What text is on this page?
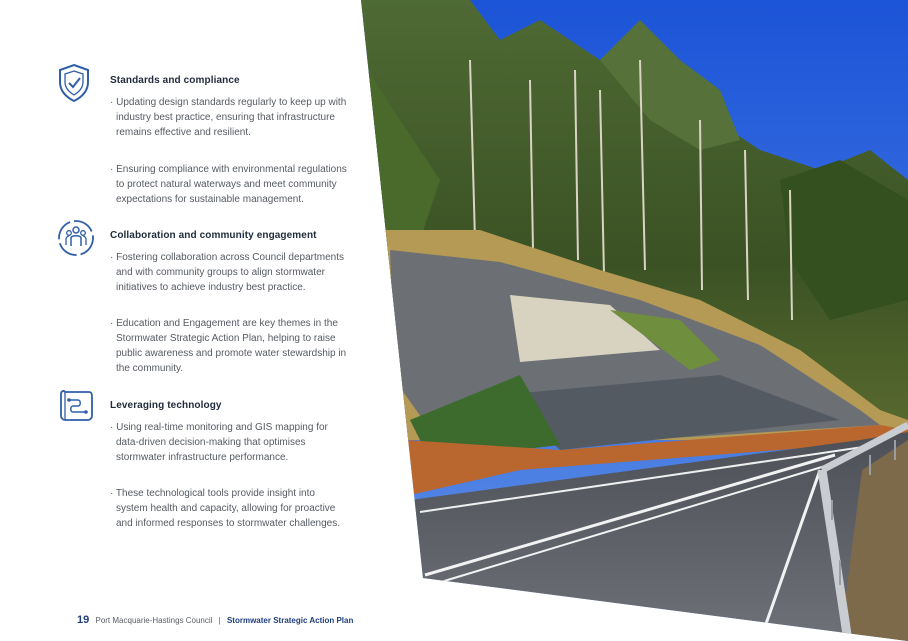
Standards and compliance
· Updating design standards regularly to keep up with industry best practice, ensuring that infrastructure remains effective and resilient.
· Ensuring compliance with environmental regulations to protect natural waterways and meet community expectations for sustainable management.
Collaboration and community engagement
· Fostering collaboration across Council departments and with community groups to align stormwater initiatives to achieve industry best practice.
· Education and Engagement are key themes in the Stormwater Strategic Action Plan, helping to raise public awareness and promote water stewardship in the community.
Leveraging technology
· Using real-time monitoring and GIS mapping for data-driven decision-making that optimises stormwater infrastructure performance.
· These technological tools provide insight into system health and capacity, allowing for proactive and informed responses to stormwater challenges.
19 Port Macquarie-Hastings Council | Stormwater Strategic Action Plan
